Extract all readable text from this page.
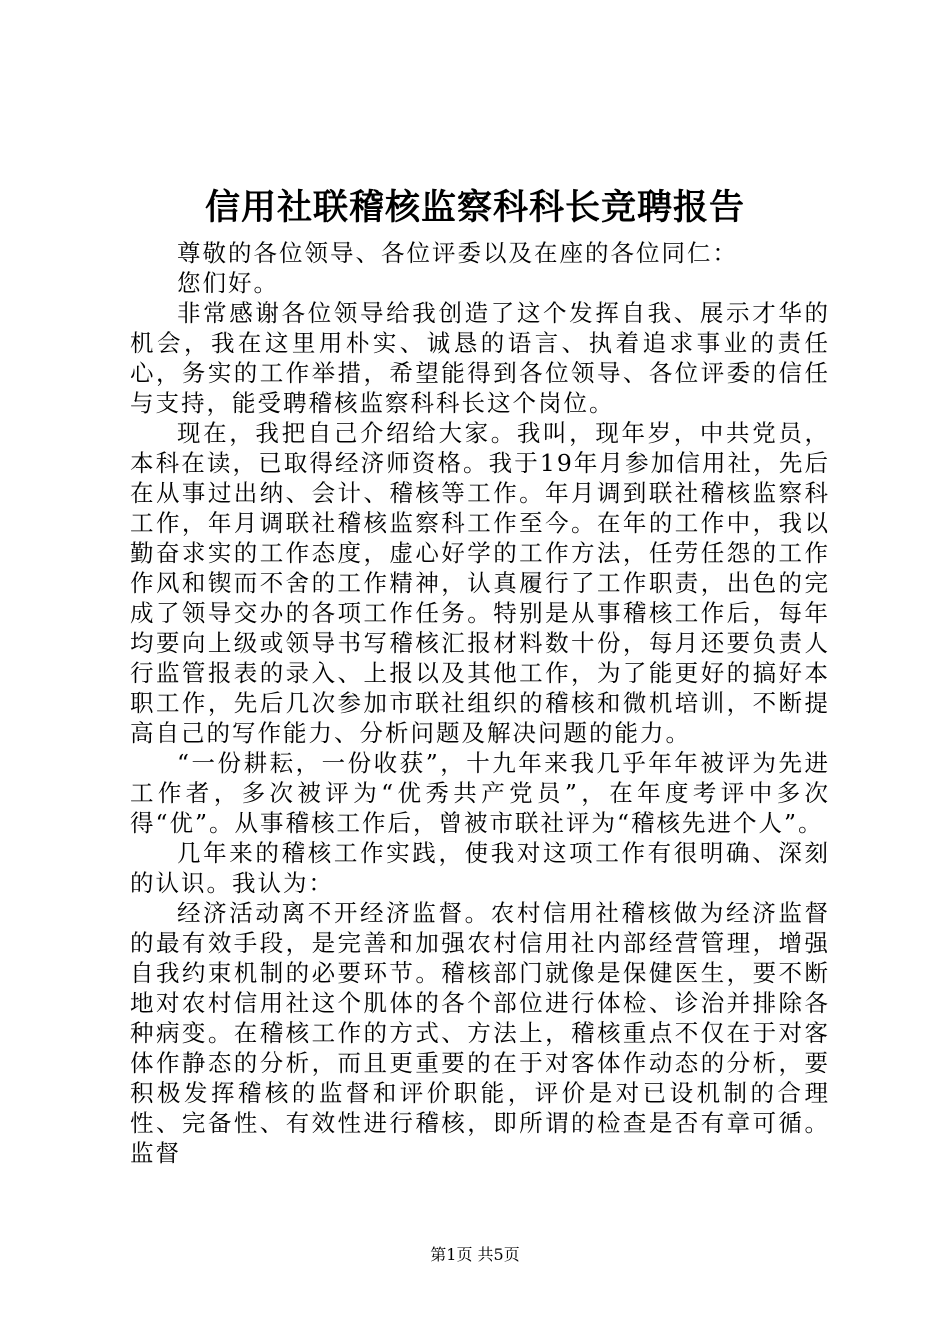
信用社联稽核监察科科长竞聘报告

尊敬的各位领导、各位评委以及在座的各位同仁：

您们好。

非常感谢各位领导给我创造了这个发挥自我、展示才华的机会，我在这里用朴实、诚恳的语言、执着追求事业的责任心，务实的工作举措，希望能得到各位领导、各位评委的信任与支持，能受聘稽核监察科科长这个岗位。

现在，我把自己介绍给大家。我叫，现年岁，中共党员，本科在读，已取得经济师资格。我于19年月参加信用社，先后在从事过出纳、会计、稽核等工作。年月调到联社稽核监察科工作，年月调联社稽核监察科工作至今。在年的工作中，我以勤奋求实的工作态度，虚心好学的工作方法，任劳任怨的工作作风和锲而不舍的工作精神，认真履行了工作职责，出色的完成了领导交办的各项工作任务。特别是从事稽核工作后，每年均要向上级或领导书写稽核汇报材料数十份，每月还要负责人行监管报表的录入、上报以及其他工作，为了能更好的搞好本职工作，先后几次参加市联社组织的稽核和微机培训，不断提高自己的写作能力、分析问题及解决问题的能力。

“一份耕耘，一份收获”，十九年来我几乎年年被评为先进工作者，多次被评为“优秀共产党员”，在年度考评中多次得“优”。从事稽核工作后，曾被市联社评为“稽核先进个人”。

几年来的稽核工作实践，使我对这项工作有很明确、深刻的认识。我认为：

经济活动离不开经济监督。农村信用社稽核做为经济监督的最有效手段，是完善和加强农村信用社内部经营管理，增强自我约束机制的必要环节。稽核部门就像是保健医生，要不断地对农村信用社这个肌体的各个部位进行体检、诊治并排除各种病变。在稽核工作的方式、方法上，稽核重点不仅在于对客体作静态的分析，而且更重要的在于对客体作动态的分析，要积极发挥稽核的监督和评价职能，评价是对已设机制的合理性、完备性、有效性进行稽核，即所谓的检查是否有章可循。监督

第1页 共5页
